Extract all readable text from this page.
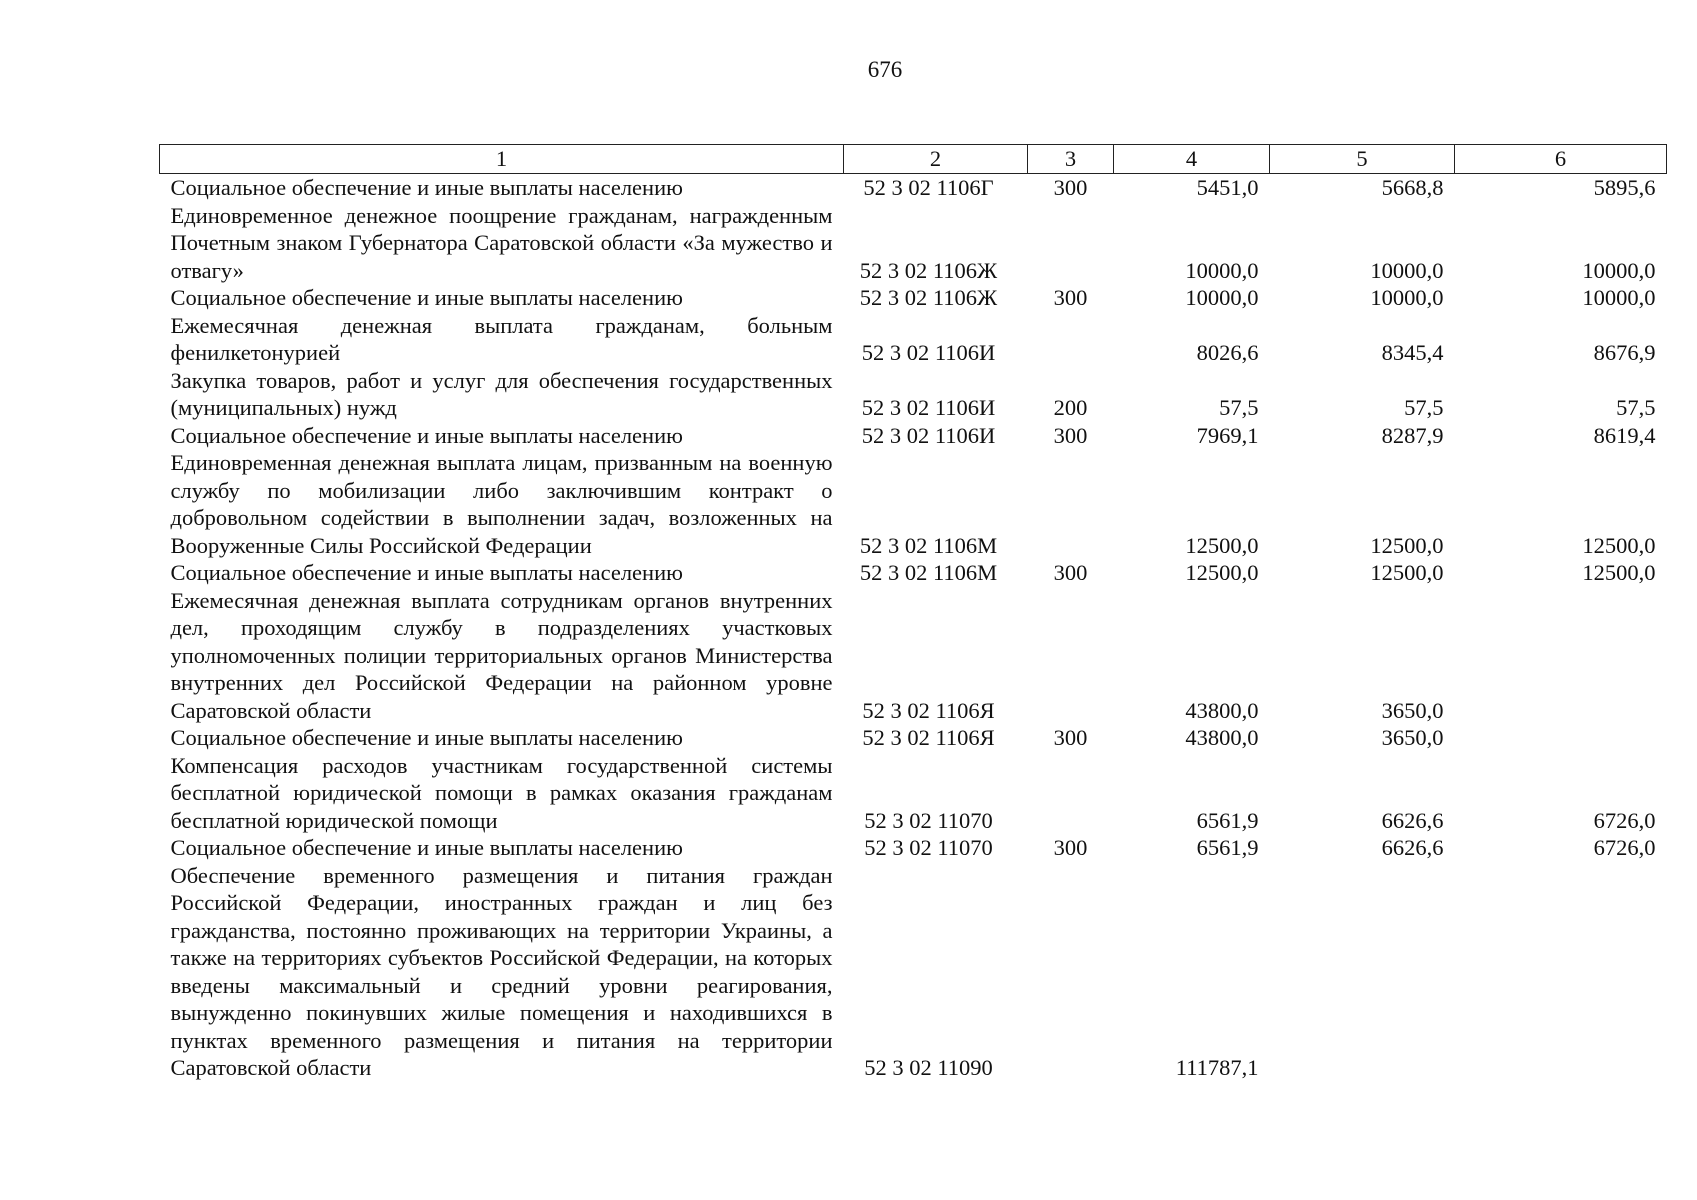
676
1	2	3	4	5	6
Социальное обеспечение и иные выплаты населению	52 3 02 1106Г	300	5451,0	5668,8	5895,6
Единовременное денежное поощрение гражданам, награжденным Почетным знаком Губернатора Саратовской области «За мужество и отвагу»	52 3 02 1106Ж		10000,0	10000,0	10000,0
Социальное обеспечение и иные выплаты населению	52 3 02 1106Ж	300	10000,0	10000,0	10000,0
Ежемесячная денежная выплата гражданам, больным фенилкетонурией	52 3 02 1106И		8026,6	8345,4	8676,9
Закупка товаров, работ и услуг для обеспечения государственных (муниципальных) нужд	52 3 02 1106И	200	57,5	57,5	57,5
Социальное обеспечение и иные выплаты населению	52 3 02 1106И	300	7969,1	8287,9	8619,4
Единовременная денежная выплата лицам, призванным на военную службу по мобилизации либо заключившим контракт о добровольном содействии в выполнении задач, возложенных на Вооруженные Силы Российской Федерации	52 3 02 1106М		12500,0	12500,0	12500,0
Социальное обеспечение и иные выплаты населению	52 3 02 1106М	300	12500,0	12500,0	12500,0
Ежемесячная денежная выплата сотрудникам органов внутренних дел, проходящим службу в подразделениях участковых уполномоченных полиции территориальных органов Министерства внутренних дел Российской Федерации на районном уровне Саратовской области	52 3 02 1106Я		43800,0	3650,0	
Социальное обеспечение и иные выплаты населению	52 3 02 1106Я	300	43800,0	3650,0	
Компенсация расходов участникам государственной системы бесплатной юридической помощи в рамках оказания гражданам бесплатной юридической помощи	52 3 02 11070		6561,9	6626,6	6726,0
Социальное обеспечение и иные выплаты населению	52 3 02 11070	300	6561,9	6626,6	6726,0
Обеспечение временного размещения и питания граждан Российской Федерации, иностранных граждан и лиц без гражданства, постоянно проживающих на территории Украины, а также на территориях субъектов Российской Федерации, на которых введены максимальный и средний уровни реагирования, вынужденно покинувших жилые помещения и находившихся в пунктах временного размещения и питания на территории Саратовской области	52 3 02 11090		111787,1		
